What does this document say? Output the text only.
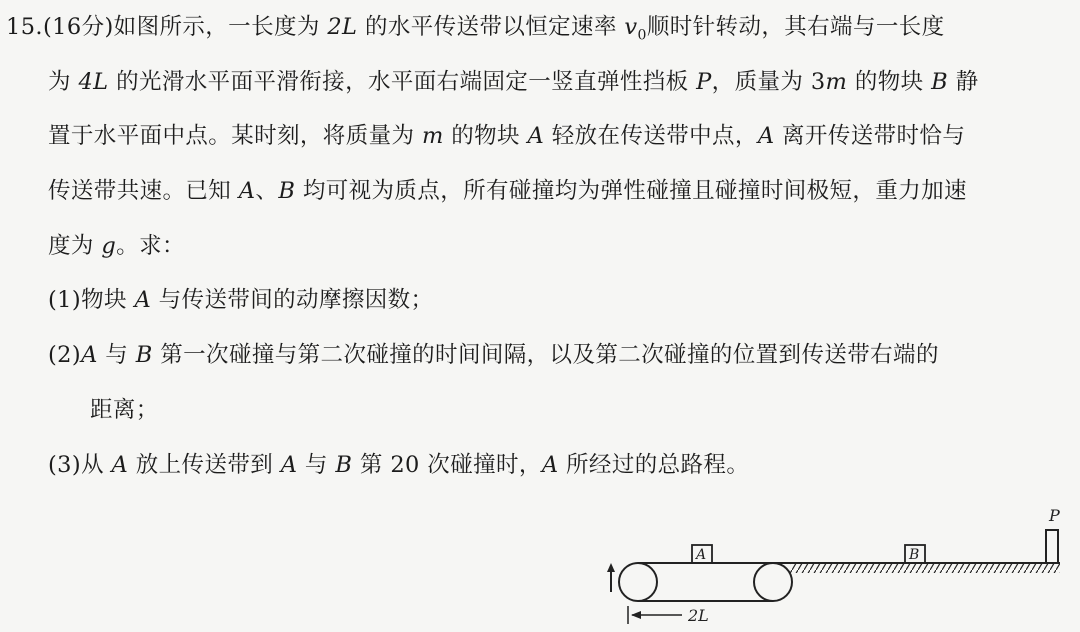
15.(16分)如图所示，一长度为 2L 的水平传送带以恒定速率 $v_0$顺时针转动，其右端与一长度
为 4L 的光滑水平面平滑衔接，水平面右端固定一竖直弹性挡板 P，质量为 3m 的物块 B 静
置于水平面中点。某时刻，将质量为 m 的物块 A 轻放在传送带中点，A 离开传送带时恰与
传送带共速。已知 A、B 均可视为质点，所有碰撞均为弹性碰撞且碰撞时间极短，重力加速
度为 g。求：
(1)物块 A 与传送带间的动摩擦因数；
(2)A 与 B 第一次碰撞与第二次碰撞的时间间隔，以及第二次碰撞的位置到传送带右端的
距离；
(3)从 A 放上传送带到 A 与 B 第 20 次碰撞时，A 所经过的总路程。
P
A	B
2L
